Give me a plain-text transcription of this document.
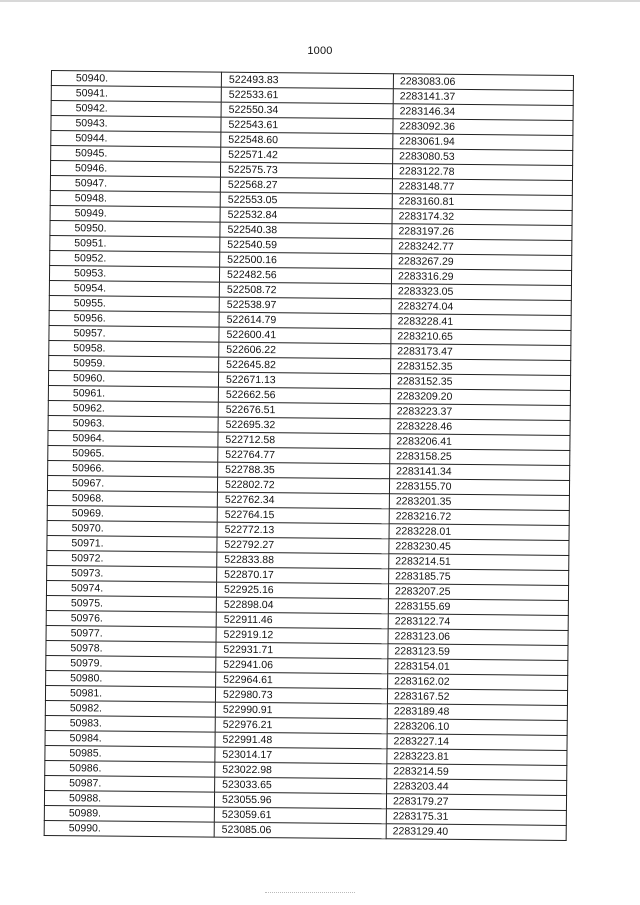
1000
50940.	522493.83	2283083.06
50941.	522533.61	2283141.37
50942.	522550.34	2283146.34
50943.	522543.61	2283092.36
50944.	522548.60	2283061.94
50945.	522571.42	2283080.53
50946.	522575.73	2283122.78
50947.	522568.27	2283148.77
50948.	522553.05	2283160.81
50949.	522532.84	2283174.32
50950.	522540.38	2283197.26
50951.	522540.59	2283242.77
50952.	522500.16	2283267.29
50953.	522482.56	2283316.29
50954.	522508.72	2283323.05
50955.	522538.97	2283274.04
50956.	522614.79	2283228.41
50957.	522600.41	2283210.65
50958.	522606.22	2283173.47
50959.	522645.82	2283152.35
50960.	522671.13	2283152.35
50961.	522662.56	2283209.20
50962.	522676.51	2283223.37
50963.	522695.32	2283228.46
50964.	522712.58	2283206.41
50965.	522764.77	2283158.25
50966.	522788.35	2283141.34
50967.	522802.72	2283155.70
50968.	522762.34	2283201.35
50969.	522764.15	2283216.72
50970.	522772.13	2283228.01
50971.	522792.27	2283230.45
50972.	522833.88	2283214.51
50973.	522870.17	2283185.75
50974.	522925.16	2283207.25
50975.	522898.04	2283155.69
50976.	522911.46	2283122.74
50977.	522919.12	2283123.06
50978.	522931.71	2283123.59
50979.	522941.06	2283154.01
50980.	522964.61	2283162.02
50981.	522980.73	2283167.52
50982.	522990.91	2283189.48
50983.	522976.21	2283206.10
50984.	522991.48	2283227.14
50985.	523014.17	2283223.81
50986.	523022.98	2283214.59
50987.	523033.65	2283203.44
50988.	523055.96	2283179.27
50989.	523059.61	2283175.31
50990.	523085.06	2283129.40
